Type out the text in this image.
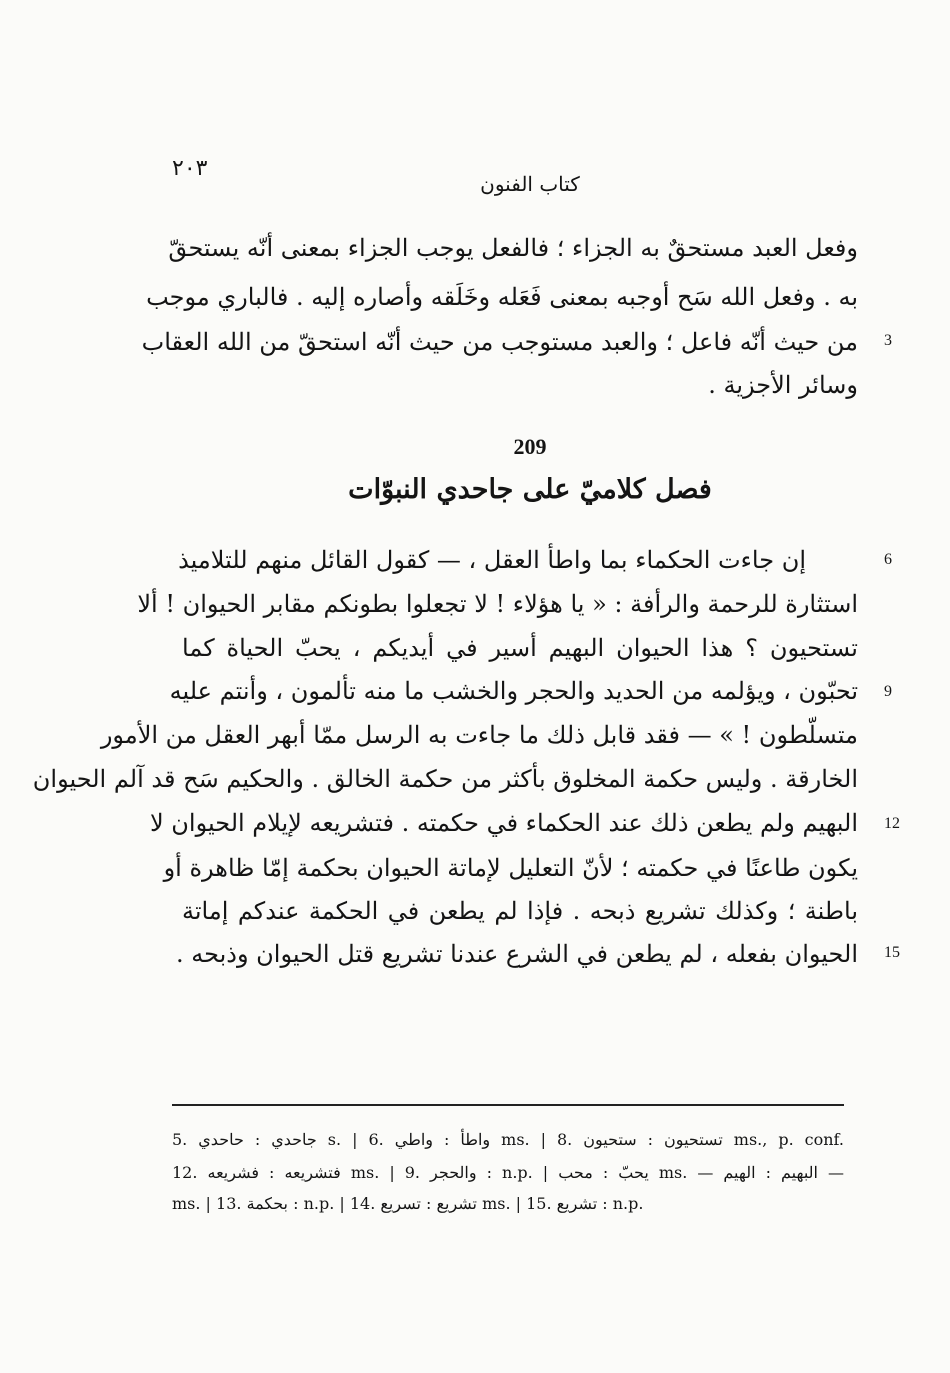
٢٠٣
كتاب الفنون
وفعل العبد مستحقٌ به الجزاء ؛ فالفعل يوجب الجزاء بمعنى أنّه يستحقّ
به . وفعل الله سَح أوجبه بمعنى فَعَله وخَلَقه وأصاره إليه . فالباري موجب
من حيث أنّه فاعل ؛ والعبد مستوجب من حيث أنّه استحقّ من الله العقاب
وسائر الأجزية .
3
209
فصل كلاميّ على جاحدي النبوّات
إن جاءت الحكماء بما واطأ العقل ، — كقول القائل منهم للتلاميذ
استثارة للرحمة والرأفة : « يا هؤلاء ! لا تجعلوا بطونكم مقابر الحيوان ! ألا
تستحيون ؟ هذا الحيوان البهيم أسير في أيديكم ، يحبّ الحياة كما
تحبّون ، ويؤلمه من الحديد والحجر والخشب ما منه تألمون ، وأنتم عليه
متسلّطون ! » — فقد قابل ذلك ما جاءت به الرسل ممّا أبهر العقل من الأمور
الخارقة . وليس حكمة المخلوق بأكثر من حكمة الخالق . والحكيم سَح قد آلم الحيوان
البهيم ولم يطعن ذلك عند الحكماء في حكمته . فتشريعه لإيلام الحيوان لا
يكون طاعنًا في حكمته ؛ لأنّ التعليل لإماتة الحيوان بحكمة إمّا ظاهرة أو
باطنة ؛ وكذلك تشريع ذبحه . فإذا لم يطعن في الحكمة عندكم إماتة
الحيوان بفعله ، لم يطعن في الشرع عندنا تشريع قتل الحيوان وذبحه .
6
9
12
15
5. جاحدي : حاحدي s. | 6. واطأ : واطي ms. | 8. تستحيون : ستحيون ms., p. conf.
12. فتشريعه : فشريعه ms. | 9. والحجر : n.p. | يحبّ : محب ms. — البهيم : الهيم —
ms. | 13. بحكمة : n.p. | 14. تشريع : تسريع ms. | 15. تشريع : n.p.
